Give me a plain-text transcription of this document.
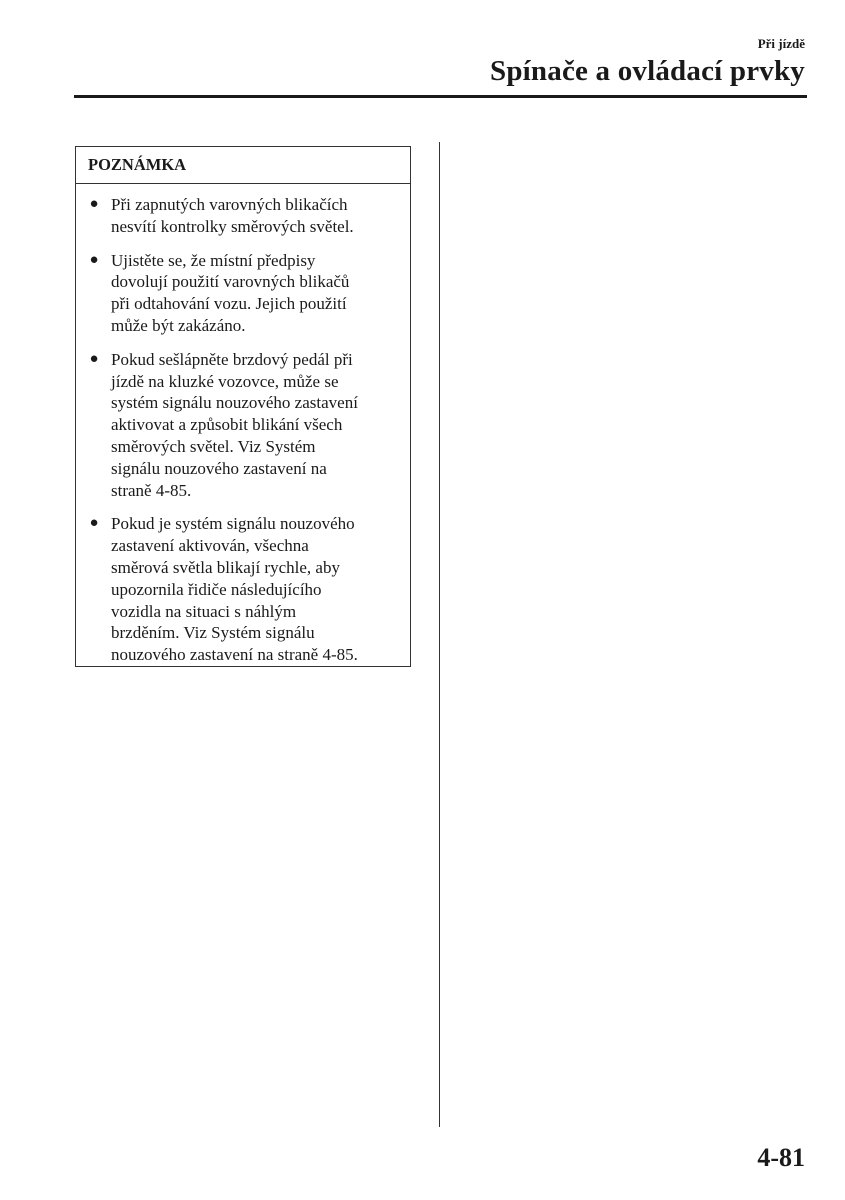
Při jízdě
Spínače a ovládací prvky
POZNÁMKA
● Při zapnutých varovných blikačích
nesvítí kontrolky směrových světel.
● Ujistěte se, že místní předpisy
dovolují použití varovných blikačů
při odtahování vozu. Jejich použití
může být zakázáno.
● Pokud sešlápněte brzdový pedál při
jízdě na kluzké vozovce, může se
systém signálu nouzového zastavení
aktivovat a způsobit blikání všech
směrových světel. Viz Systém
signálu nouzového zastavení na
straně 4-85.
● Pokud je systém signálu nouzového
zastavení aktivován, všechna
směrová světla blikají rychle, aby
upozornila řidiče následujícího
vozidla na situaci s náhlým
brzděním. Viz Systém signálu
nouzového zastavení na straně 4-85.
4-81
